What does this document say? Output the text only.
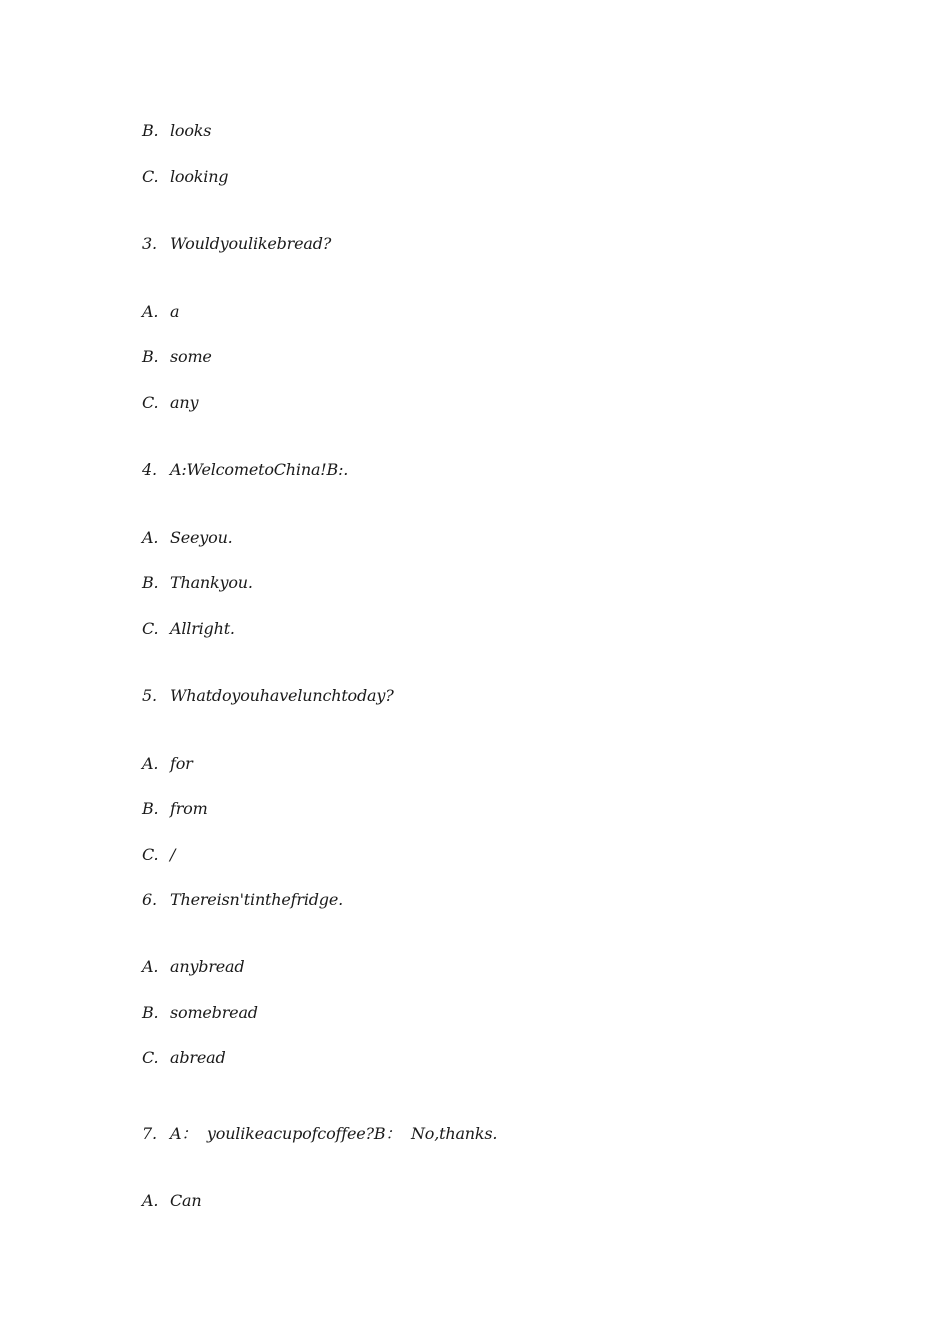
B. looks
C. looking
3. Wouldyoulikebread?
A. a
B. some
C. any
4. A:WelcometoChina!B:.
A. Seeyou.
B. Thankyou.
C. Allright.
5. Whatdoyouhavelunchtoday?
A. for
B. from
C. /
6. Thereisn'tinthefridge.
A. anybread
B. somebread
C. abread
7. A：  youlikeacupofcoffee?B：  No,thanks.
A. Can
